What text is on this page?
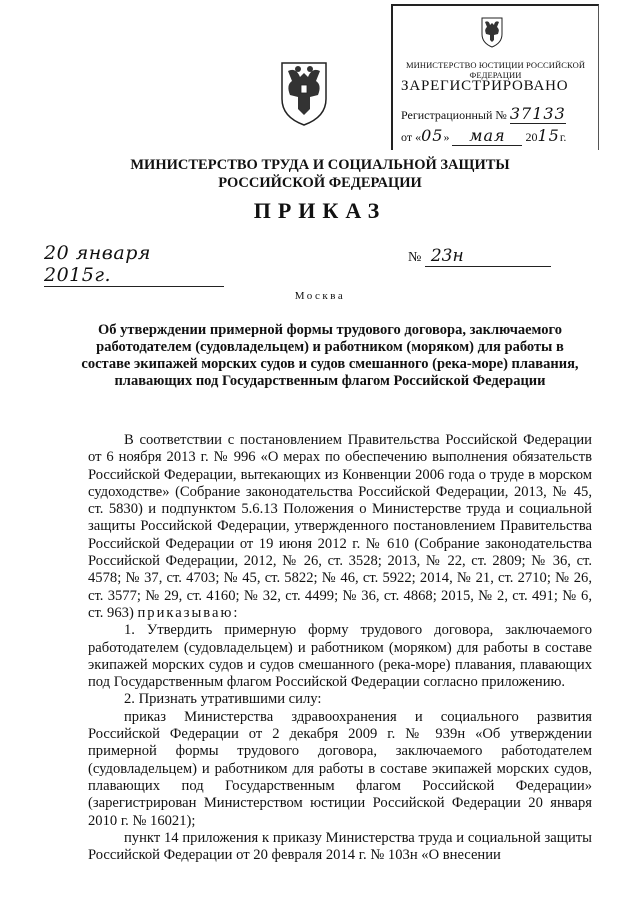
МИНИСТЕРСТВО ЮСТИЦИИ РОССИЙСКОЙ ФЕДЕРАЦИИ
ЗАРЕГИСТРИРОВАНО
Регистрационный № 37133
от «05» мая 2015г.
МИНИСТЕРСТВО ТРУДА И СОЦИАЛЬНОЙ ЗАЩИТЫ
РОССИЙСКОЙ ФЕДЕРАЦИИ
ПРИКАЗ
20 января 2015г.
№ 23н
Москва
Об утверждении примерной формы трудового договора, заключаемого работодателем (судовладельцем) и работником (моряком) для работы в составе экипажей морских судов и судов смешанного (река-море) плавания, плавающих под Государственным флагом Российской Федерации

В соответствии с постановлением Правительства Российской Федерации от 6 ноября 2013 г. № 996 «О мерах по обеспечению выполнения обязательств Российской Федерации, вытекающих из Конвенции 2006 года о труде в морском судоходстве» (Собрание законодательства Российской Федерации, 2013, № 45, ст. 5830) и подпунктом 5.6.13 Положения о Министерстве труда и социальной защиты Российской Федерации, утвержденного постановлением Правительства Российской Федерации от 19 июня 2012 г. № 610 (Собрание законодательства Российской Федерации, 2012, № 26, ст. 3528; 2013, № 22, ст. 2809; № 36, ст. 4578; № 37, ст. 4703; № 45, ст. 5822; № 46, ст. 5922; 2014, № 21, ст. 2710; № 26, ст. 3577; № 29, ст. 4160; № 32, ст. 4499; № 36, ст. 4868; 2015, № 2, ст. 491; № 6, ст. 963) приказываю:

1. Утвердить примерную форму трудового договора, заключаемого работодателем (судовладельцем) и работником (моряком) для работы в составе экипажей морских судов и судов смешанного (река-море) плавания, плавающих под Государственным флагом Российской Федерации согласно приложению.

2. Признать утратившими силу:

приказ Министерства здравоохранения и социального развития Российской Федерации от 2 декабря 2009 г. № 939н «Об утверждении примерной формы трудового договора, заключаемого работодателем (судовладельцем) и работником для работы в составе экипажей морских судов, плавающих под Государственным флагом Российской Федерации» (зарегистрирован Министерством юстиции Российской Федерации 20 января 2010 г. № 16021);

пункт 14 приложения к приказу Министерства труда и социальной защиты Российской Федерации от 20 февраля 2014 г. № 103н «О внесении
